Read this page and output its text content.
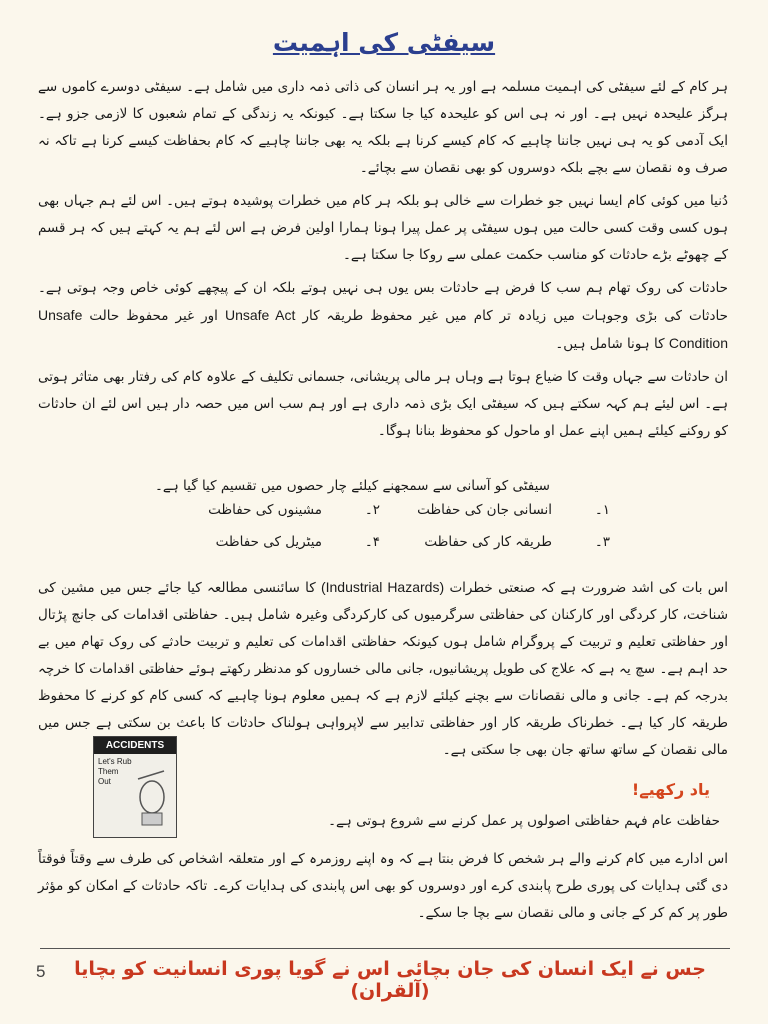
سیفٹی کی اہمیت

ہر کام کے لئے سیفٹی کی اہمیت مسلمہ ہے اور یہ ہر انسان کی ذاتی ذمہ داری میں شامل ہے۔ سیفٹی دوسرے کاموں سے ہرگز علیحدہ نہیں ہے۔ اور نہ ہی اس کو علیحدہ کیا جا سکتا ہے۔ کیونکہ یہ زندگی کے تمام شعبوں کا لازمی جزو ہے۔ ایک آدمی کو یہ ہی نہیں جاننا چاہیے کہ کام کیسے کرنا ہے بلکہ یہ بھی جاننا چاہیے کہ کام بحفاظت کیسے کرنا ہے تاکہ نہ صرف وہ نقصان سے بچے بلکہ دوسروں کو بھی نقصان سے بچائے۔

دُنیا میں کوئی کام ایسا نہیں جو خطرات سے خالی ہو بلکہ ہر کام میں خطرات پوشیدہ ہوتے ہیں۔ اس لئے ہم جہاں بھی ہوں کسی وقت کسی حالت میں ہوں سیفٹی پر عمل پیرا ہونا ہمارا اولین فرض ہے اس لئے ہم یہ کہتے ہیں کہ ہر قسم کے چھوٹے بڑے حادثات کو مناسب حکمت عملی سے روکا جا سکتا ہے۔

حادثات کی روک تھام ہم سب کا فرض ہے حادثات بس یوں ہی نہیں ہوتے بلکہ ان کے پیچھے کوئی خاص وجہ ہوتی ہے۔ حادثات کی بڑی وجوہات میں زیادہ تر کام میں غیر محفوظ طریقہ کار Unsafe Act اور غیر محفوظ حالت Unsafe Condition کا ہونا شامل ہیں۔

ان حادثات سے جہاں وقت کا ضیاع ہوتا ہے وہاں ہر مالی پریشانی، جسمانی تکلیف کے علاوہ کام کی رفتار بھی متاثر ہوتی ہے۔ اس لیئے ہم کہہ سکتے ہیں کہ سیفٹی ایک بڑی ذمہ داری ہے اور ہم سب اس میں حصہ دار ہیں اس لئے ان حادثات کو روکنے کیلئے ہمیں اپنے عمل او ماحول کو محفوظ بنانا ہوگا۔

سیفٹی کو آسانی سے سمجھنے کیلئے چار حصوں میں تقسیم کیا گیا ہے۔
۱۔
انسانی جان کی حفاظت
۲۔
مشینوں کی حفاظت
۳۔
طریقہ کار کی حفاظت
۴۔
میٹریل کی حفاظت
اس بات کی اشد ضرورت ہے کہ صنعتی خطرات (Industrial Hazards) کا سائنسی مطالعہ کیا جائے جس میں مشین کی شناخت، کار کردگی اور کارکنان کی حفاظتی سرگرمیوں کی کارکردگی وغیرہ شامل ہیں۔ حفاظتی اقدامات کی جانچ پڑتال اور حفاظتی تعلیم و تربیت کے پروگرام شامل ہوں کیونکہ حفاظتی اقدامات کی تعلیم و تربیت حادثے کی روک تھام میں بے حد اہم ہے۔ سچ یہ ہے کہ علاج کی طویل پریشانیوں، جانی مالی خساروں کو مدنظر رکھتے ہوئے حفاظتی اقدامات کا خرچہ بدرجہ کم ہے۔ جانی و مالی نقصانات سے بچنے کیلئے لازم ہے کہ ہمیں معلوم ہونا چاہیے کہ کسی کام کو کرنے کا محفوظ طریقہ کار کیا ہے۔ خطرناک طریقہ کار اور حفاظتی تدابیر سے لاپرواہی ہولناک حادثات کا باعث بن سکتی ہے جس میں مالی نقصان کے ساتھ ساتھ جان بھی جا سکتی ہے۔
ACCIDENTS
Let's Rub
Them
Out	یاد رکھیے!
حفاظت عام فہم حفاظتی اصولوں پر عمل کرنے سے شروع ہوتی ہے۔
اس ادارے میں کام کرنے والے ہر شخص کا فرض بنتا ہے کہ وہ اپنے روزمرہ کے اور متعلقہ اشخاص کی طرف سے وقتاً فوقتاً دی گئی ہدایات کی پوری طرح پابندی کرے اور دوسروں کو بھی اس پابندی کی ہدایات کرے۔ تاکہ حادثات کے امکان کو مؤثر طور پر کم کر کے جانی و مالی نقصان سے بچا جا سکے۔
5	جس نے ایک انسان کی جان بچائی اس نے گویا پوری انسانیت کو بچایا (آلقران)
